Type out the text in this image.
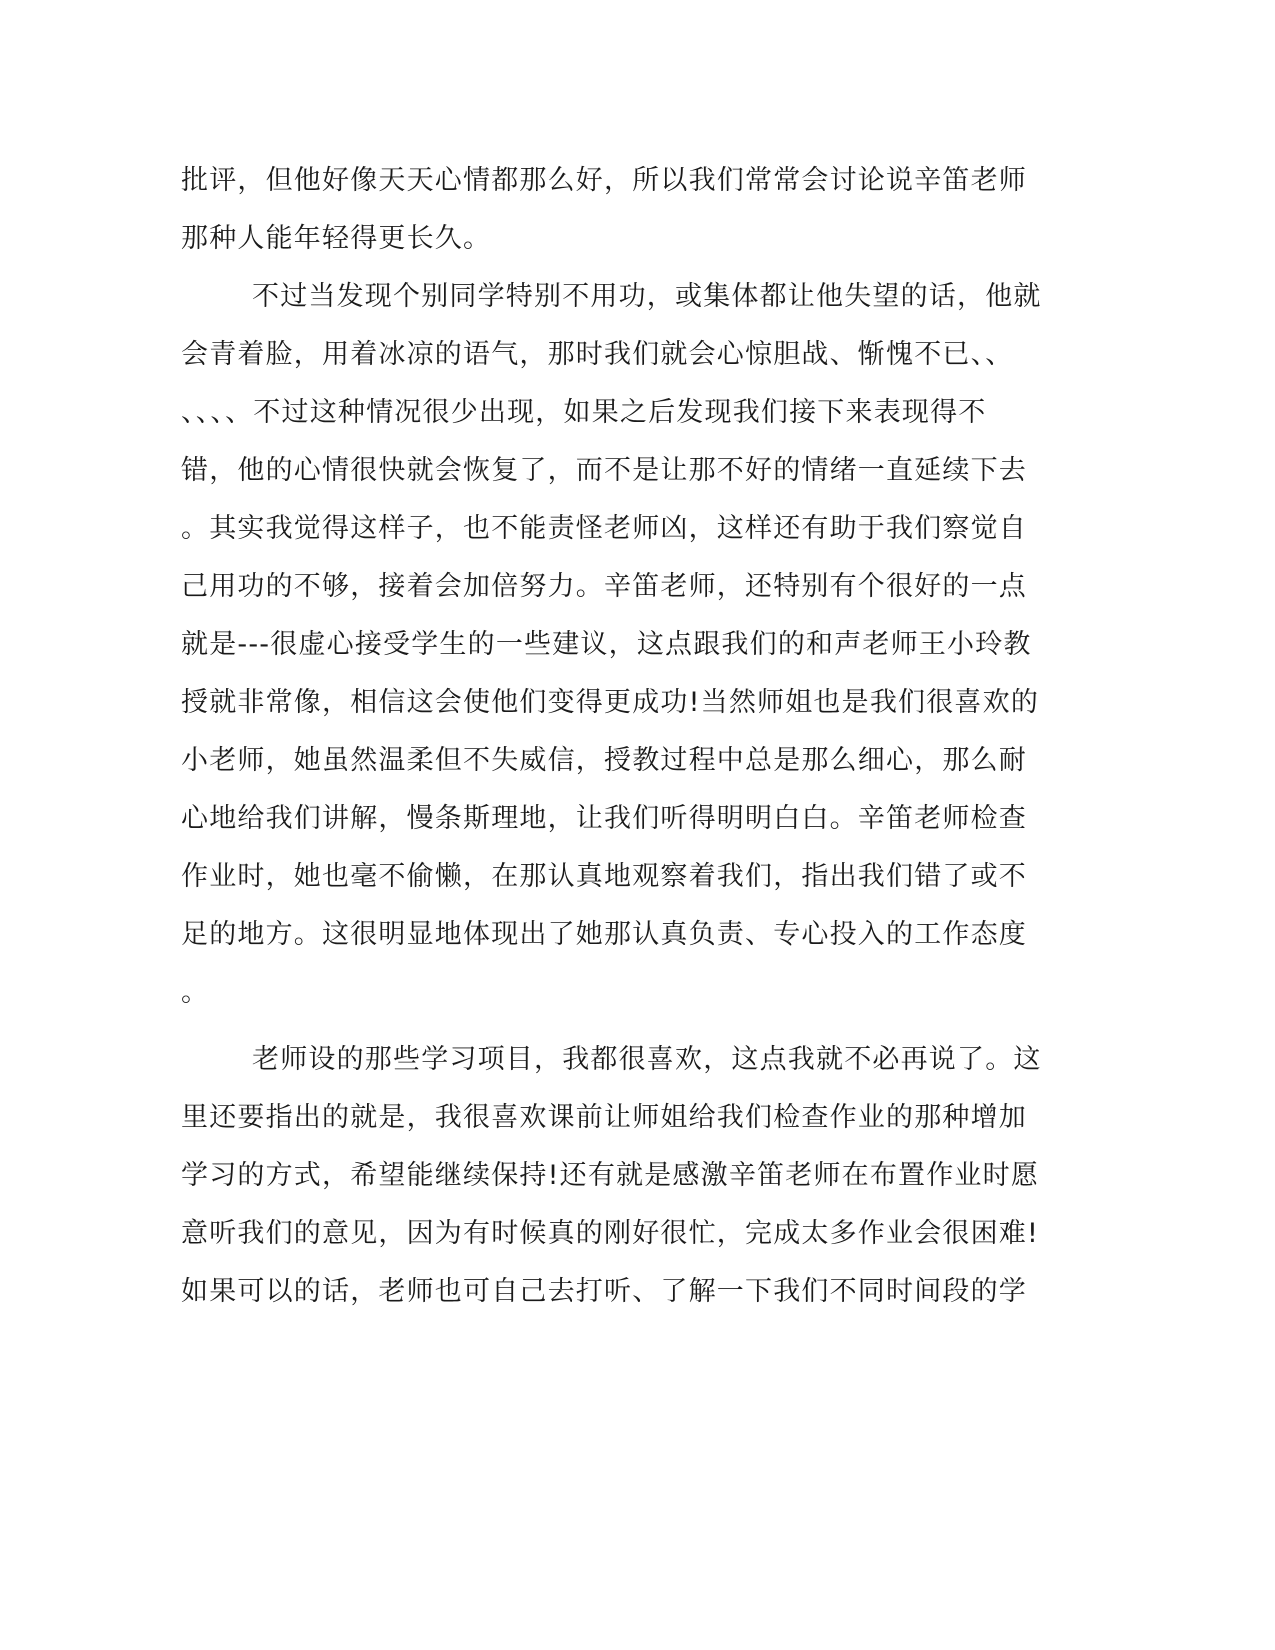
批评，但他好像天天心情都那么好，所以我们常常会讨论说辛笛老师
那种人能年轻得更长久。
不过当发现个别同学特别不用功，或集体都让他失望的话，他就
会青着脸，用着冰凉的语气，那时我们就会心惊胆战、惭愧不已、、
、、、、不过这种情况很少出现，如果之后发现我们接下来表现得不
错，他的心情很快就会恢复了，而不是让那不好的情绪一直延续下去
。其实我觉得这样子，也不能责怪老师凶，这样还有助于我们察觉自
己用功的不够，接着会加倍努力。辛笛老师，还特别有个很好的一点
就是---很虚心接受学生的一些建议，这点跟我们的和声老师王小玲教
授就非常像，相信这会使他们变得更成功!当然师姐也是我们很喜欢的
小老师，她虽然温柔但不失威信，授教过程中总是那么细心，那么耐
心地给我们讲解，慢条斯理地，让我们听得明明白白。辛笛老师检查
作业时，她也毫不偷懒，在那认真地观察着我们，指出我们错了或不
足的地方。这很明显地体现出了她那认真负责、专心投入的工作态度
。
老师设的那些学习项目，我都很喜欢，这点我就不必再说了。这
里还要指出的就是，我很喜欢课前让师姐给我们检查作业的那种增加
学习的方式，希望能继续保持!还有就是感激辛笛老师在布置作业时愿
意听我们的意见，因为有时候真的刚好很忙，完成太多作业会很困难!
如果可以的话，老师也可自己去打听、了解一下我们不同时间段的学
